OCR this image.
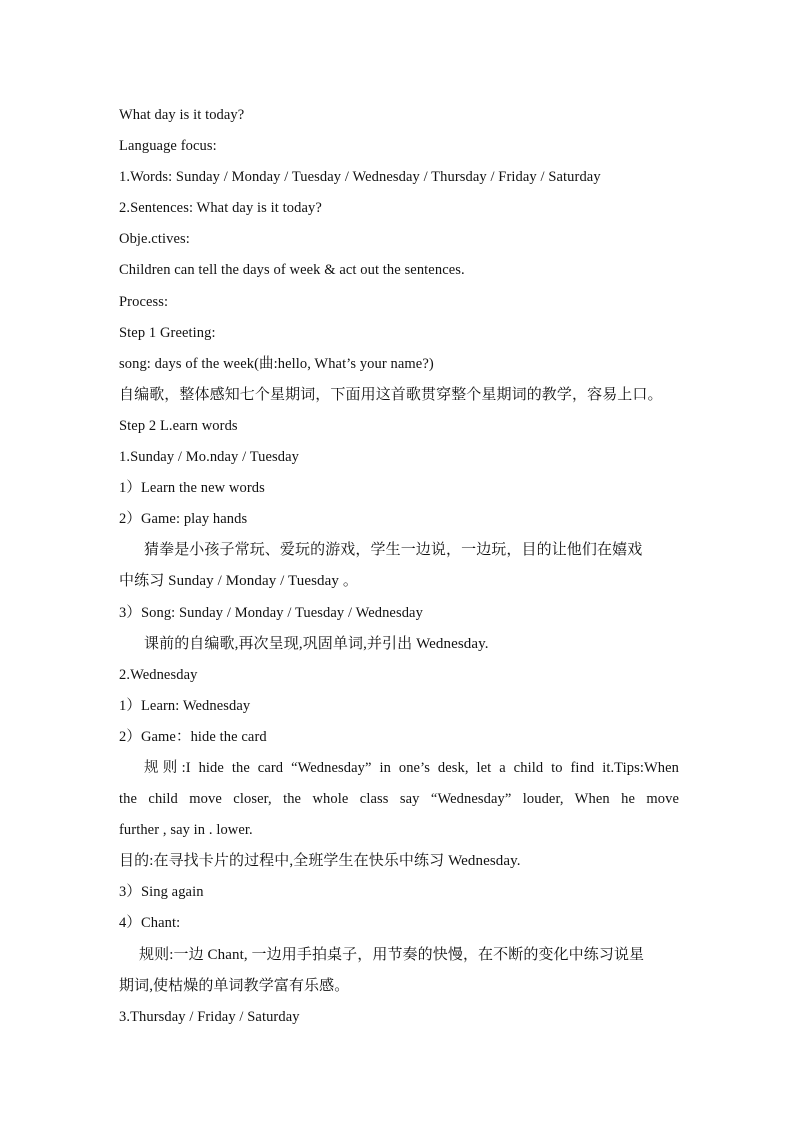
What day is it today?
Language focus:
1.Words: Sunday / Monday / Tuesday / Wednesday / Thursday / Friday / Saturday
2.Sentences: What day is it today?
Obje.ctives:
Children can tell the days of week & act out the sentences.
Process:
Step 1 Greeting:
song: days of the week(曲:hello, What’s your name?)
自编歌，整体感知七个星期词，下面用这首歌贯穿整个星期词的教学，容易上口。
Step 2 L.earn words
1.Sunday / Mo.nday / Tuesday
1）Learn the new words
2）Game: play hands
猜拳是小孩子常玩、爱玩的游戏，学生一边说，一边玩，目的让他们在嬉戏
中练习 Sunday / Monday / Tuesday 。
3）Song: Sunday / Monday / Tuesday / Wednesday
课前的自编歌,再次呈现,巩固单词,并引出 Wednesday.
2.Wednesday
1）Learn: Wednesday
2）Game：hide the card
规则:I hide the card “Wednesday” in one’s desk, let a child to find it.Tips:When
the child move closer, the whole class say “Wednesday” louder, When he move
further , say in . lower.
目的:在寻找卡片的过程中,全班学生在快乐中练习 Wednesday.
3）Sing again
4）Chant:
规则:一边 Chant, 一边用手拍桌子，用节奏的快慢，在不断的变化中练习说星
期词,使枯燥的单词教学富有乐感。
3.Thursday / Friday / Saturday
